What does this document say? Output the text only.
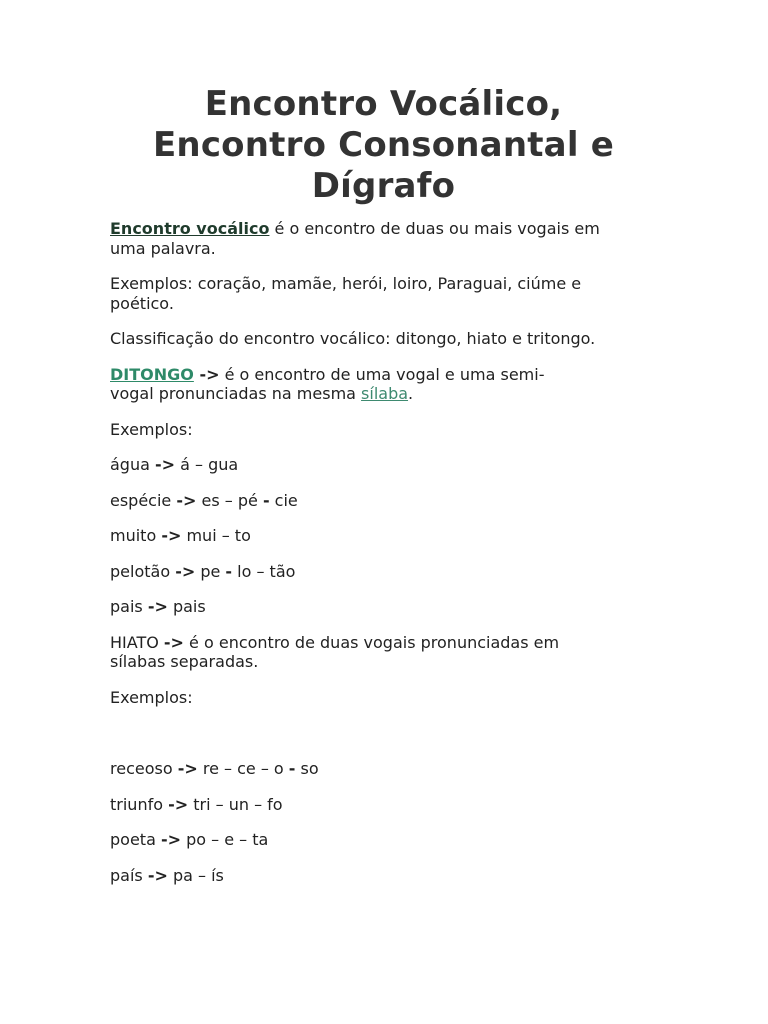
Encontro Vocálico,
Encontro Consonantal e
Dígrafo

Encontro vocálico é o encontro de duas ou mais vogais em
uma palavra.

Exemplos: coração, mamãe, herói, loiro, Paraguai, ciúme e
poético.

Classificação do encontro vocálico: ditongo, hiato e tritongo.

DITONGO -> é o encontro de uma vogal e uma semi-
vogal pronunciadas na mesma sílaba.

Exemplos:

água -> á – gua

espécie -> es – pé - cie

muito -> mui – to

pelotão -> pe - lo – tão

pais -> pais

HIATO -> é o encontro de duas vogais pronunciadas em
sílabas separadas.

Exemplos:

receoso -> re – ce – o - so

triunfo -> tri – un – fo

poeta -> po – e – ta

país -> pa – ís
